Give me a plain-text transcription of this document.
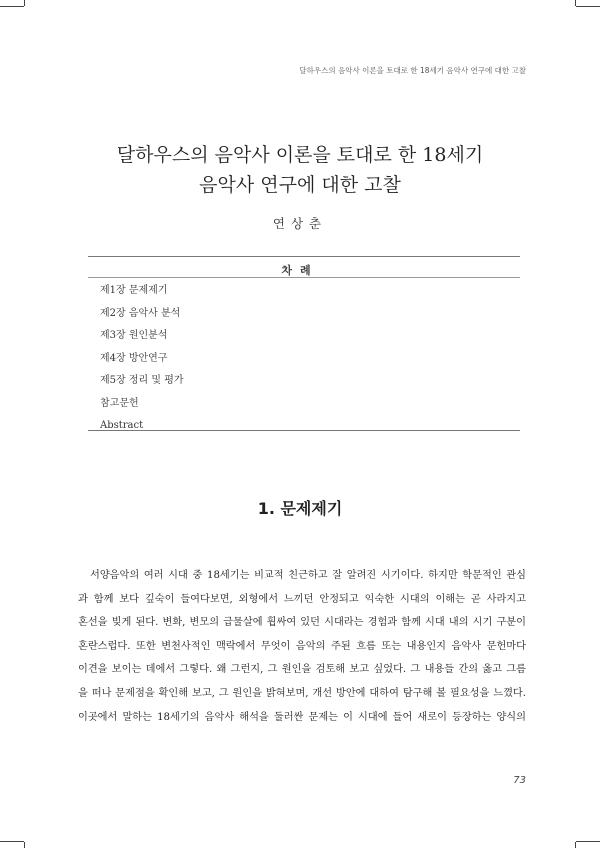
달하우스의 음악사 이론을 토대로 한 18세기 음악사 연구에 대한 고찰
달하우스의 음악사 이론을 토대로 한 18세기
음악사 연구에 대한 고찰
연상춘
차례
제1장 문제제기
제2장 음악사 분석
제3장 원인분석
제4장 방안연구
제5장 정리 및 평가
참고문헌
Abstract
1. 문제제기
서양음악의 여러 시대 중 18세기는 비교적 친근하고 잘 알려진 시기이다. 하지만 학문적인 관심
과 함께 보다 깊숙이 들여다보면, 외형에서 느끼던 안정되고 익숙한 시대의 이해는 곧 사라지고
혼선을 빚게 된다. 변화, 변모의 급물살에 휩싸여 있던 시대라는 경험과 함께 시대 내의 시기 구분이
혼란스럽다. 또한 변천사적인 맥락에서 무엇이 음악의 주된 흐름 또는 내용인지 음악사 문헌마다
이견을 보이는 데에서 그렇다. 왜 그런지, 그 원인을 검토해 보고 싶었다. 그 내용들 간의 옳고 그름
을 떠나 문제점을 확인해 보고, 그 원인을 밝혀보며, 개선 방안에 대하여 탐구해 볼 필요성을 느꼈다.
이곳에서 말하는 18세기의 음악사 해석을 둘러싼 문제는 이 시대에 들어 새로이 등장하는 양식의
73
